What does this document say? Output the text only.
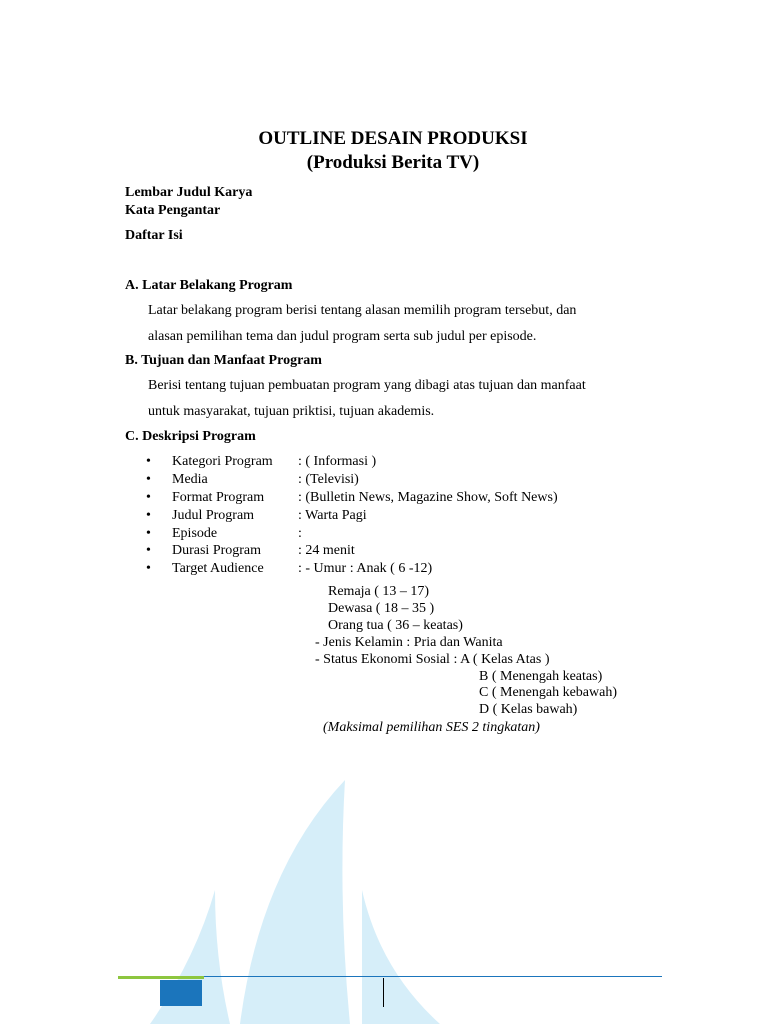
OUTLINE DESAIN PRODUKSI
(Produksi Berita TV)
Lembar Judul Karya
Kata Pengantar
Daftar Isi
A. Latar Belakang Program
Latar belakang program berisi tentang alasan memilih program tersebut, dan
alasan pemilihan tema dan judul program serta sub judul per episode.
B. Tujuan dan Manfaat Program
Berisi tentang tujuan pembuatan program yang dibagi atas tujuan dan manfaat
untuk masyarakat, tujuan priktisi, tujuan akademis.
C. Deskripsi Program
• Kategori Program : ( Informasi )
• Media	: (Televisi)
• Format Program : (Bulletin News, Magazine Show, Soft News)
• Judul Program	: Warta Pagi
• Episode	:
• Durasi Program	: 24 menit
• Target Audience : - Umur : Anak ( 6 -12)
Remaja ( 13 – 17)
Dewasa ( 18 – 35 )
Orang tua ( 36 – keatas)
- Jenis Kelamin : Pria dan Wanita
- Status Ekonomi Sosial : A ( Kelas Atas )
B ( Menengah keatas)
C ( Menengah kebawah)
D ( Kelas bawah)
(Maksimal pemilihan SES 2 tingkatan)
